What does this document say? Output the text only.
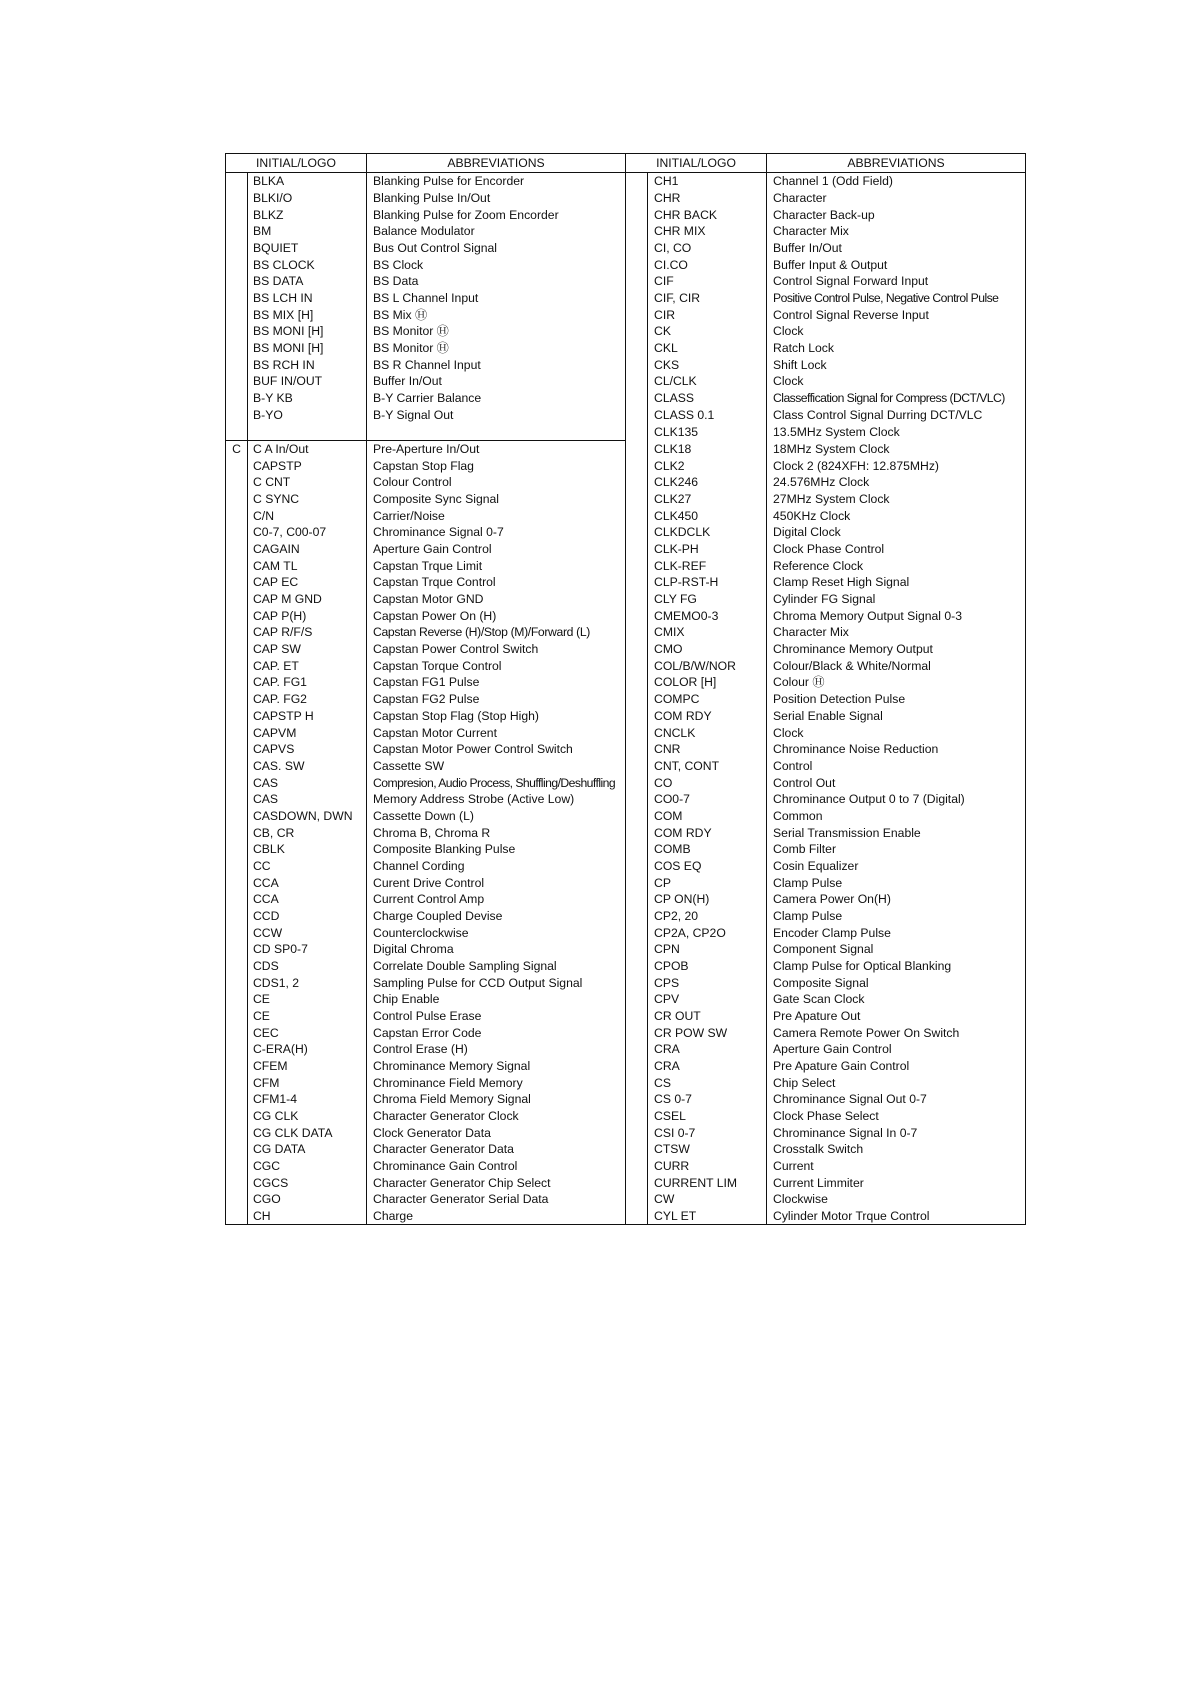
INITIAL/LOGO		ABBREVIATIONS	INITIAL/LOGO		ABBREVIATIONS
	BLKA	Blanking Pulse for Encorder		CH1	Channel 1 (Odd Field)
	BLKI/O	Blanking Pulse In/Out		CHR	Character
	BLKZ	Blanking Pulse for Zoom Encorder		CHR BACK	Character Back-up
	BM	Balance Modulator		CHR MIX	Character Mix
	BQUIET	Bus Out Control Signal		CI, CO	Buffer In/Out
	BS CLOCK	BS Clock		CI.CO	Buffer Input & Output
	BS DATA	BS Data		CIF	Control Signal Forward Input
	BS LCH IN	BS L Channel Input		CIF, CIR	Positive Control Pulse, Negative Control Pulse
	BS MIX [H]	BS Mix Ⓗ		CIR	Control Signal Reverse Input
	BS MONI [H]	BS Monitor Ⓗ		CK	Clock
	BS MONI [H]	BS Monitor Ⓗ		CKL	Ratch Lock
	BS RCH IN	BS R Channel Input		CKS	Shift Lock
	BUF IN/OUT	Buffer In/Out		CL/CLK	Clock
	B-Y KB	B-Y Carrier Balance		CLASS	Classeffication Signal for Compress (DCT/VLC)
	B-YO	B-Y Signal Out		CLASS 0.1	Class Control Signal Durring DCT/VLC
				CLK135	13.5MHz System Clock
C	C A In/Out	Pre-Aperture In/Out		CLK18	18MHz System Clock
	CAPSTP	Capstan Stop Flag		CLK2	Clock 2 (824XFH: 12.875MHz)
	C CNT	Colour Control		CLK246	24.576MHz Clock
	C SYNC	Composite Sync Signal		CLK27	27MHz System Clock
	C/N	Carrier/Noise		CLK450	450KHz Clock
	C0-7, C00-07	Chrominance Signal 0-7		CLKDCLK	Digital Clock
	CAGAIN	Aperture Gain Control		CLK-PH	Clock Phase Control
	CAM TL	Capstan Trque Limit		CLK-REF	Reference Clock
	CAP EC	Capstan Trque Control		CLP-RST-H	Clamp Reset High Signal
	CAP M GND	Capstan Motor GND		CLY FG	Cylinder FG Signal
	CAP P(H)	Capstan Power On (H)		CMEMO0-3	Chroma Memory Output Signal 0-3
	CAP R/F/S	Capstan Reverse (H)/Stop (M)/Forward (L)		CMIX	Character Mix
	CAP SW	Capstan Power Control Switch		CMO	Chrominance Memory Output
	CAP. ET	Capstan Torque Control		COL/B/W/NOR	Colour/Black & White/Normal
	CAP. FG1	Capstan FG1 Pulse		COLOR [H]	Colour Ⓗ
	CAP. FG2	Capstan FG2 Pulse		COMPC	Position Detection Pulse
	CAPSTP H	Capstan Stop Flag (Stop High)		COM RDY	Serial Enable Signal
	CAPVM	Capstan Motor Current		CNCLK	Clock
	CAPVS	Capstan Motor Power Control Switch		CNR	Chrominance Noise Reduction
	CAS. SW	Cassette SW		CNT, CONT	Control
	CAS	Compresion, Audio Process, Shuffling/Deshuffling		CO	Control Out
	CAS	Memory Address Strobe (Active Low)		CO0-7	Chrominance Output 0 to 7 (Digital)
	CASDOWN, DWN	Cassette Down (L)		COM	Common
	CB, CR	Chroma B, Chroma R		COM RDY	Serial Transmission Enable
	CBLK	Composite Blanking Pulse		COMB	Comb Filter
	CC	Channel Cording		COS EQ	Cosin Equalizer
	CCA	Curent Drive Control		CP	Clamp Pulse
	CCA	Current Control Amp		CP ON(H)	Camera Power On(H)
	CCD	Charge Coupled Devise		CP2, 20	Clamp Pulse
	CCW	Counterclockwise		CP2A, CP2O	Encoder Clamp Pulse
	CD SP0-7	Digital Chroma		CPN	Component Signal
	CDS	Correlate Double Sampling Signal		CPOB	Clamp Pulse for Optical Blanking
	CDS1, 2	Sampling Pulse for CCD Output Signal		CPS	Composite Signal
	CE	Chip Enable		CPV	Gate Scan Clock
	CE	Control Pulse Erase		CR OUT	Pre Apature Out
	CEC	Capstan Error Code		CR POW SW	Camera Remote Power On Switch
	C-ERA(H)	Control Erase (H)		CRA	Aperture Gain Control
	CFEM	Chrominance Memory Signal		CRA	Pre Apature Gain Control
	CFM	Chrominance Field Memory		CS	Chip Select
	CFM1-4	Chroma Field Memory Signal		CS 0-7	Chrominance Signal Out 0-7
	CG CLK	Character Generator Clock		CSEL	Clock Phase Select
	CG CLK DATA	Clock Generator Data		CSI 0-7	Chrominance Signal In 0-7
	CG DATA	Character Generator Data		CTSW	Crosstalk Switch
	CGC	Chrominance Gain Control		CURR	Current
	CGCS	Character Generator Chip Select		CURRENT LIM	Current Limmiter
	CGO	Character Generator Serial Data		CW	Clockwise
	CH	Charge		CYL ET	Cylinder Motor Trque Control
